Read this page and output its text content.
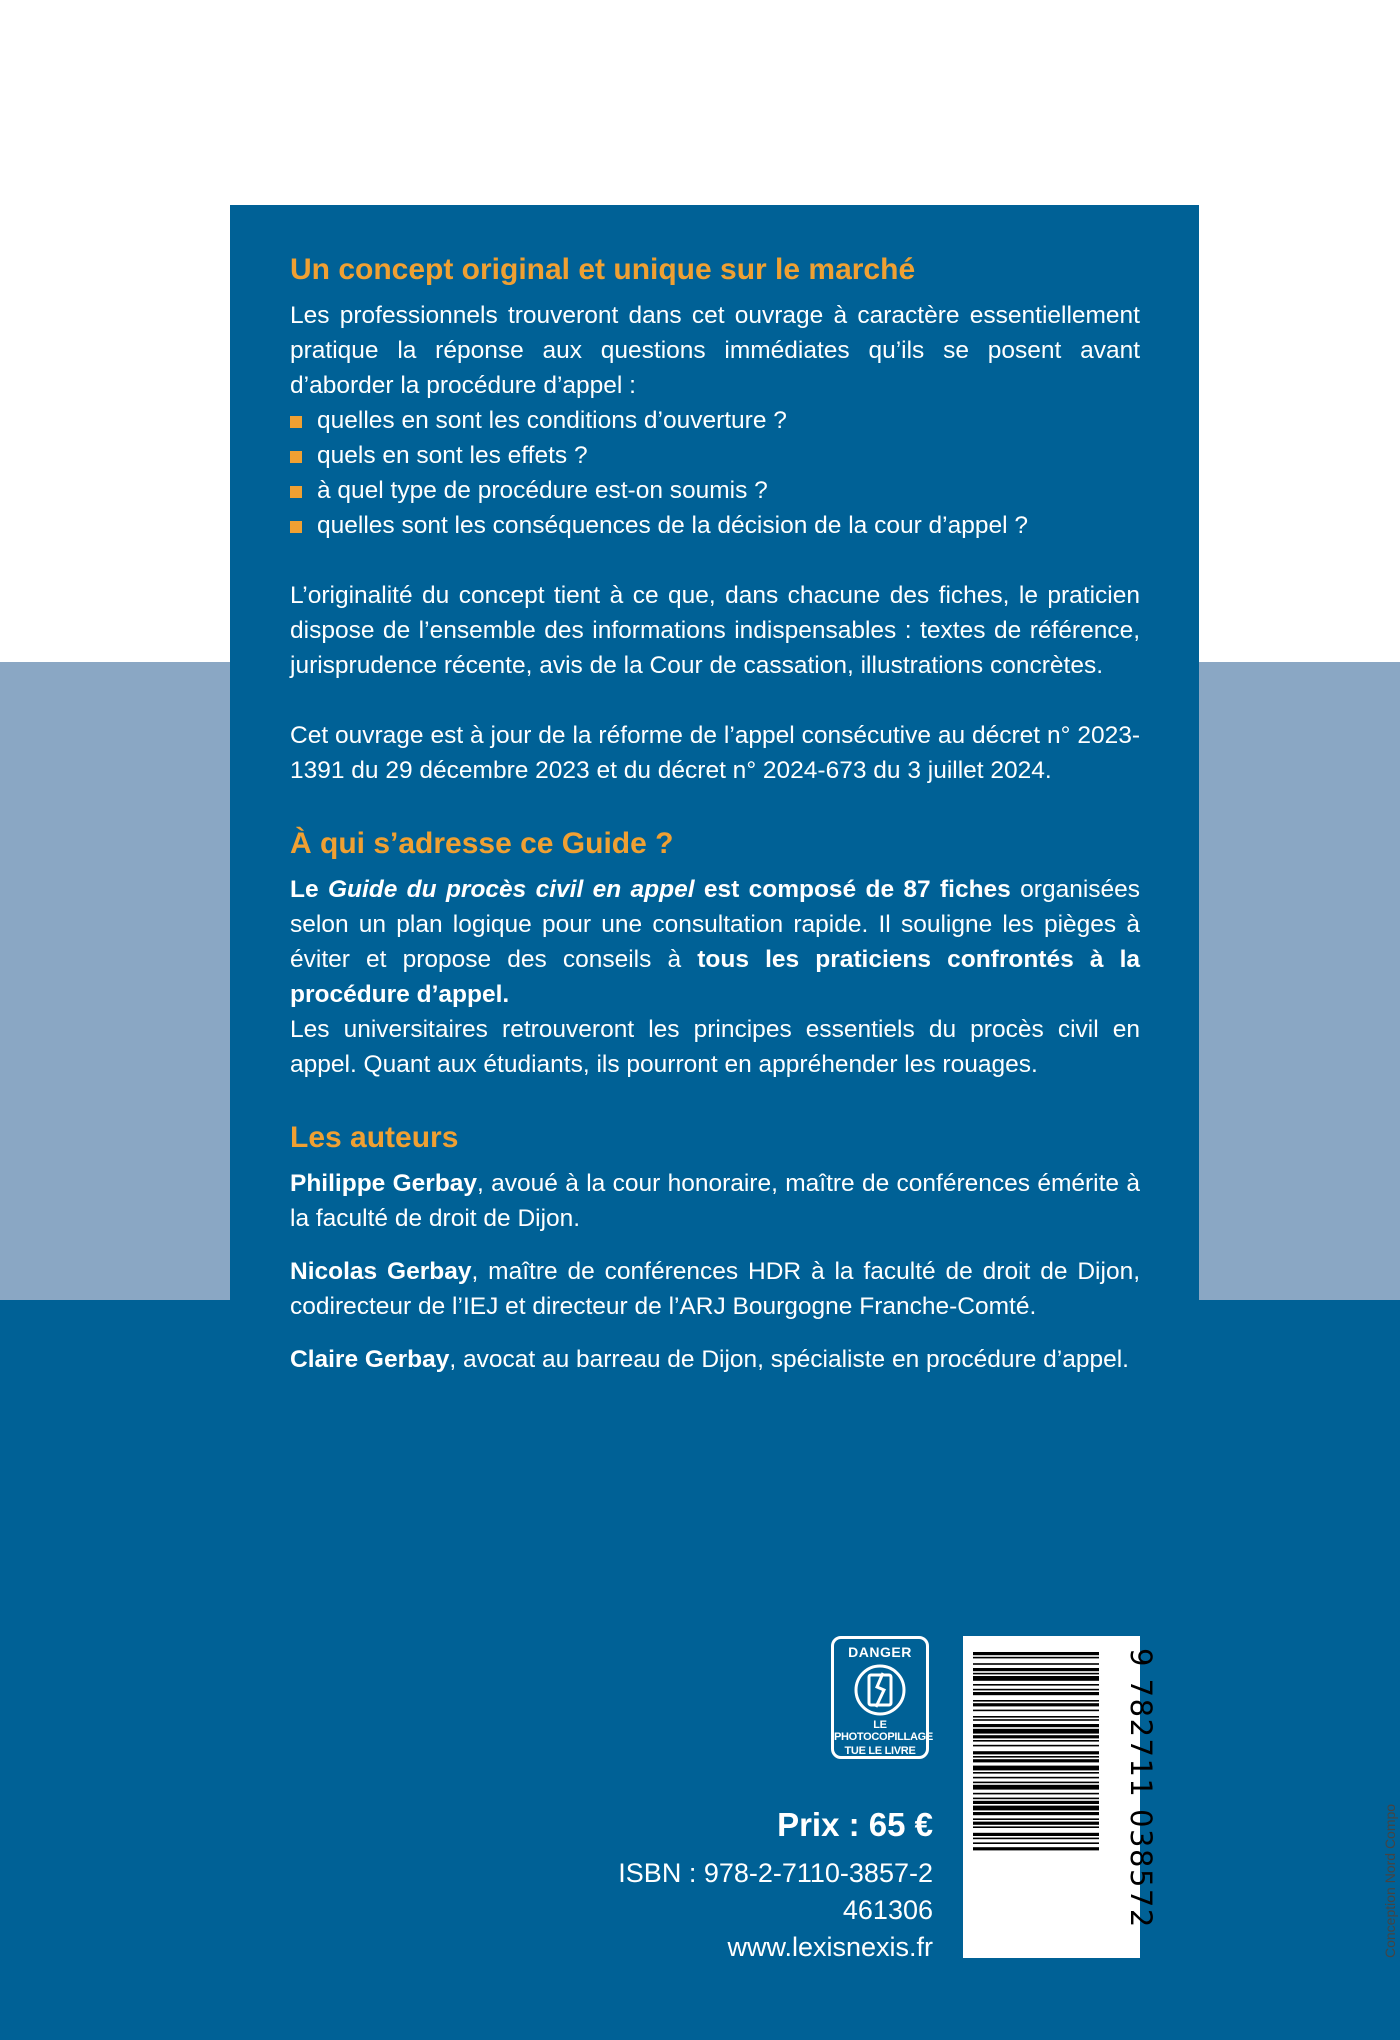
Un concept original et unique sur le marché

Les professionnels trouveront dans cet ouvrage à caractère essentiellement pratique la réponse aux questions immédiates qu’ils se posent avant d’aborder la procédure d’appel :

quelles en sont les conditions d’ouverture ?
quels en sont les effets ?
à quel type de procédure est-on soumis ?
quelles sont les conséquences de la décision de la cour d’appel ?

L’originalité du concept tient à ce que, dans chacune des fiches, le praticien dispose de l’ensemble des informations indispensables : textes de référence, jurisprudence récente, avis de la Cour de cassation, illustrations concrètes.

Cet ouvrage est à jour de la réforme de l’appel consécutive au décret n° 2023-1391 du 29 décembre 2023 et du décret n° 2024-673 du 3 juillet 2024.

À qui s’adresse ce Guide ?

Le Guide du procès civil en appel est composé de 87 fiches organisées selon un plan logique pour une consultation rapide. Il souligne les pièges à éviter et propose des conseils à tous les praticiens confrontés à la procédure d’appel.

Les universitaires retrouveront les principes essentiels du procès civil en appel. Quant aux étudiants, ils pourront en appréhender les rouages.

Les auteurs

Philippe Gerbay, avoué à la cour honoraire, maître de conférences émérite à la faculté de droit de Dijon.

Nicolas Gerbay, maître de conférences HDR à la faculté de droit de Dijon, codirecteur de l’IEJ et directeur de l’ARJ Bourgogne Franche-Comté.

Claire Gerbay, avocat au barreau de Dijon, spécialiste en procédure d’appel.

DANGER
LE PHOTOCOPILLAGE
TUE LE LIVRE
Prix : 65 €
ISBN : 978-2-7110-3857-2
461306
www.lexisnexis.fr
9 782711 038572	Conception Nord Compo
